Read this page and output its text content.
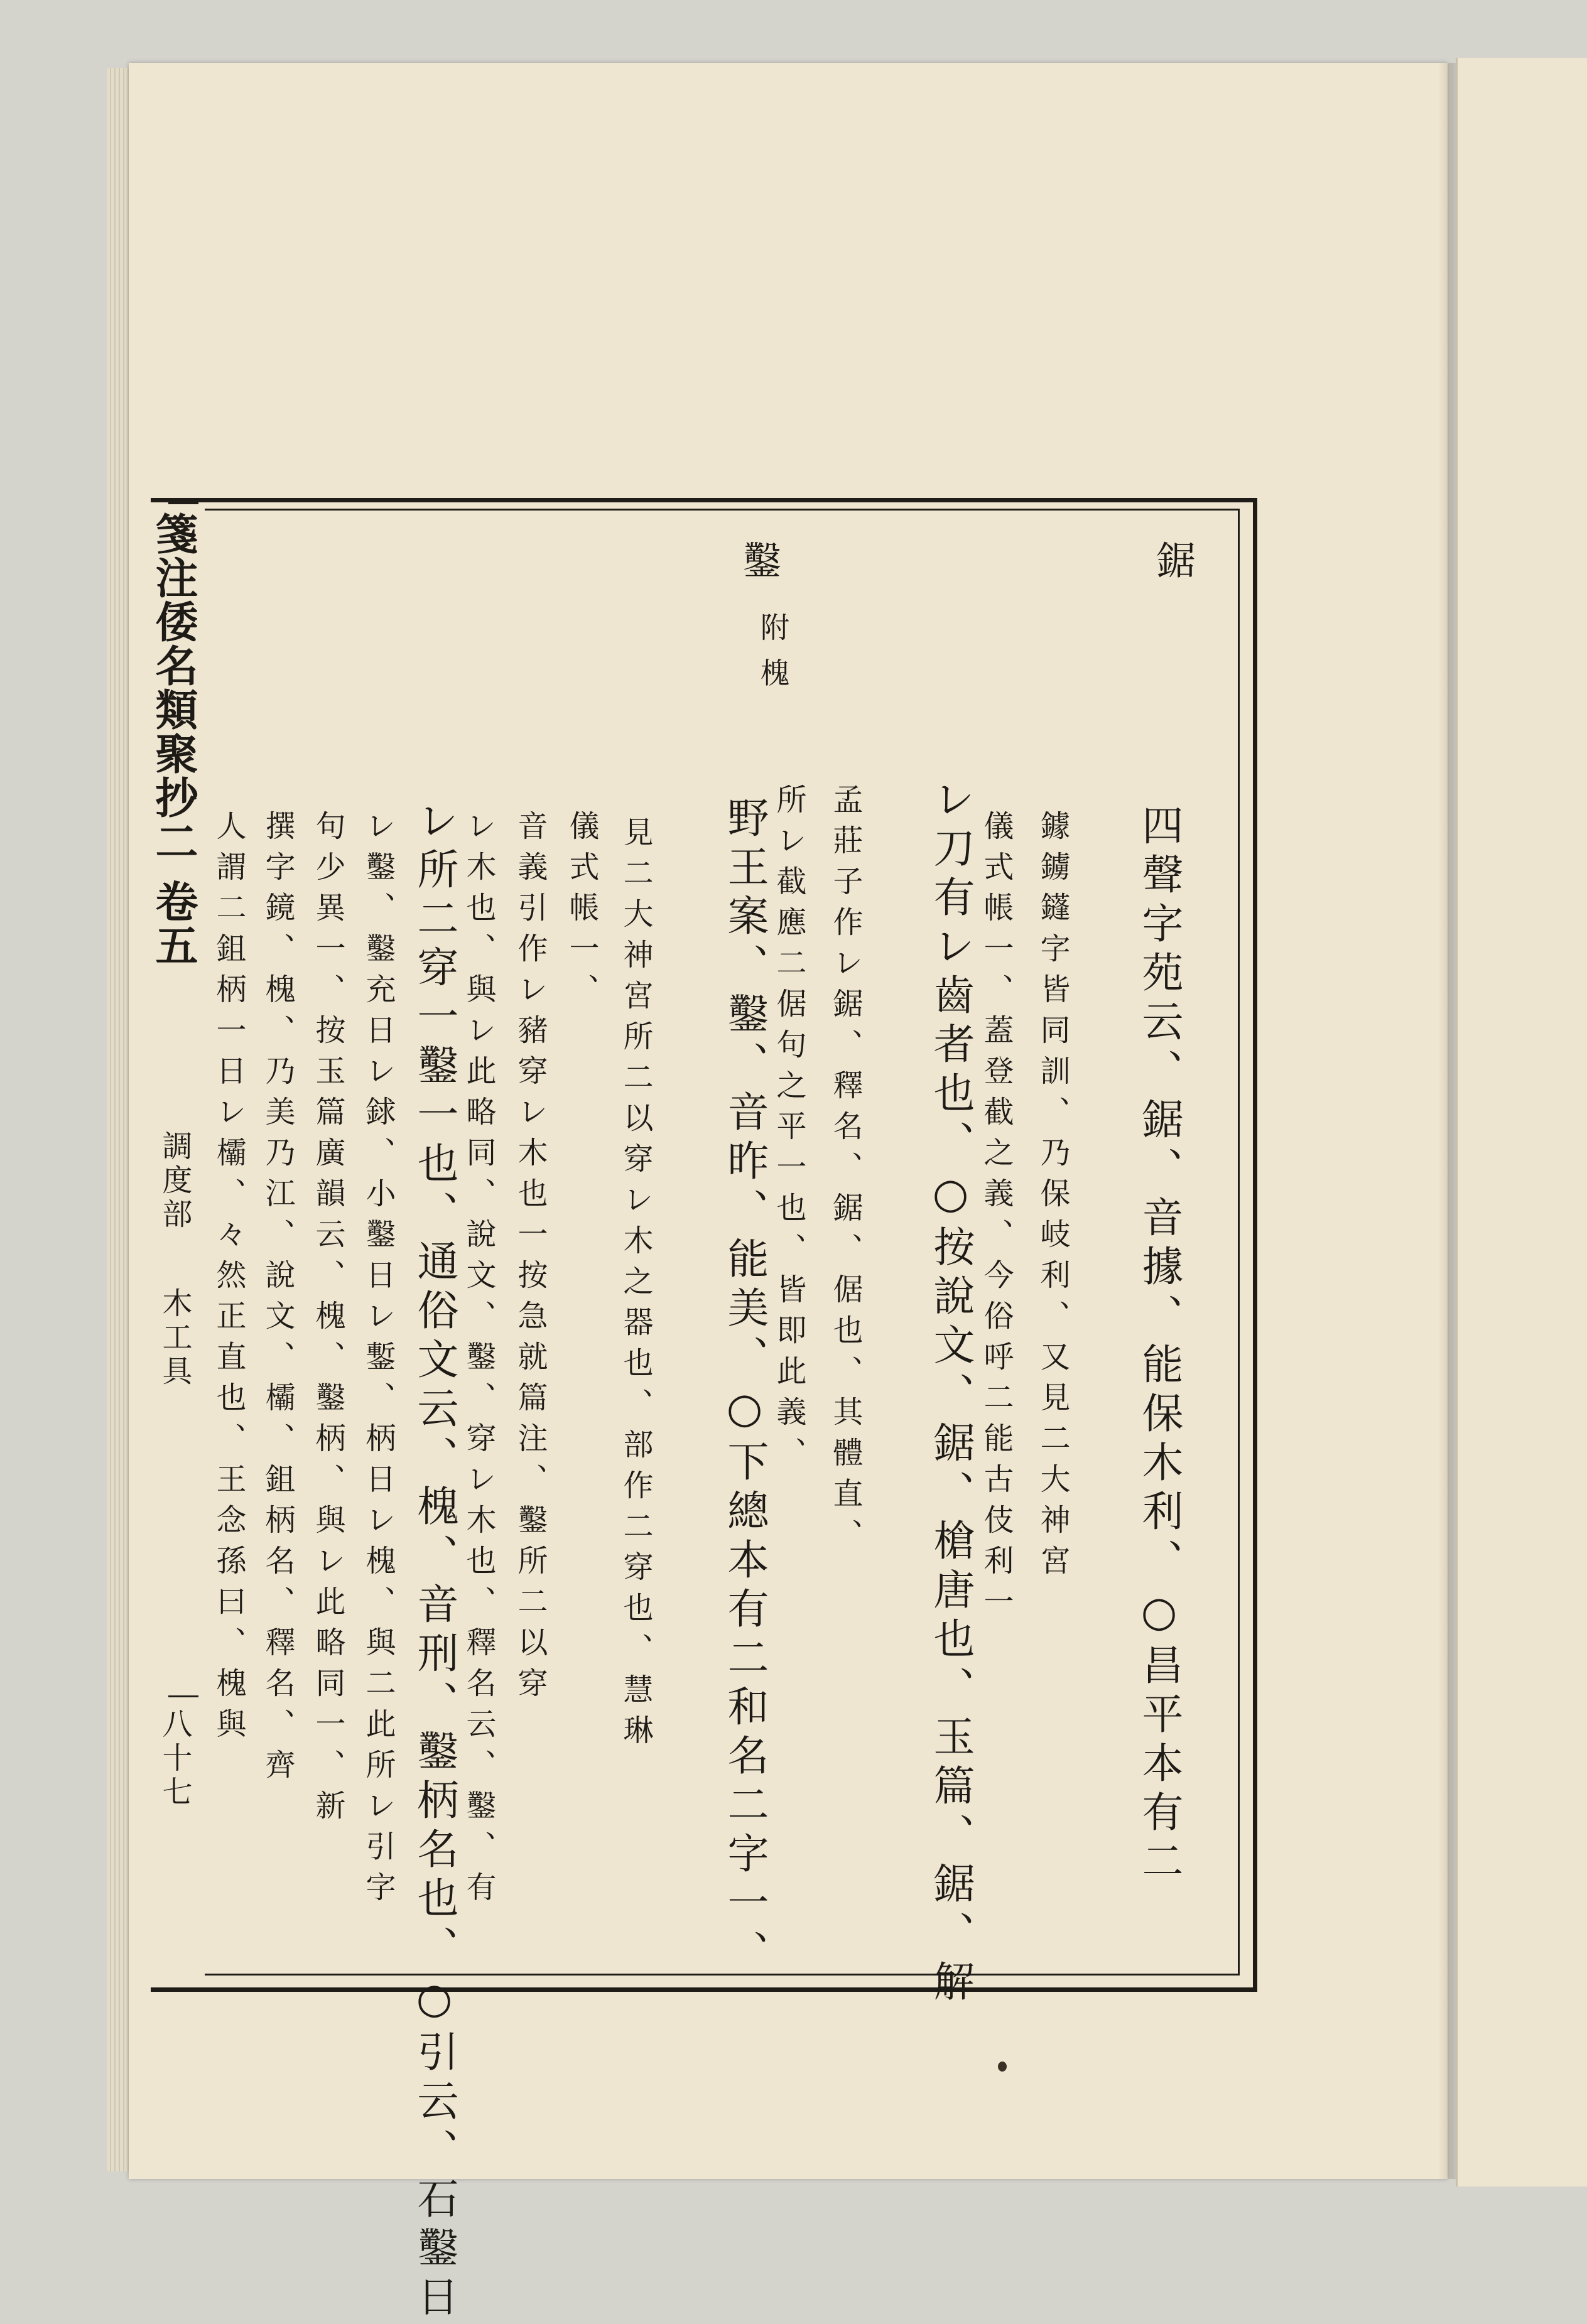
箋注倭名類聚抄二 卷五
調度部
木工具
八十七
鋸
鑿
附 槐
四聲字苑云、鋸、音據、能保木利、○昌平本有二
鐻鐪鑝字皆同訓、乃保岐利、又見二大神宮
儀式帳一、蓋登截之義、今俗呼二能古伎利一
レ刀有レ齒者也、○按說文、鋸、槍唐也、玉篇、鋸、解
孟莊子作レ鋸、釋名、鋸、倨也、其體直、
所レ截應二倨句之平一也、皆即此義、
野王案、鑿、音昨、能美、○下總本有二和名二字一、
見二大神宮所二以穿レ木之器也、部作二穿也、慧琳
儀式帳一、
音義引作レ豬穿レ木也一按急就篇注、鑿所二以穿
レ木也、與レ此略同、說文、鑿、穿レ木也、釋名云、鑿、有
レ所二穿一鑿一也、通俗文云、槐、音刑、鑿柄名也、○引云、石鑿日
レ鑿、鑿充日レ銶、小鑿日レ鏨、柄日レ槐、與二此所レ引字
句少異一、按玉篇廣韻云、槐、鑿柄、與レ此略同一、新
撰字鏡、槐、乃美乃江、說文、欛、鉏柄名、釋名、齊
人謂二鉏柄一日レ欛、々然正直也、王念孫曰、槐與
